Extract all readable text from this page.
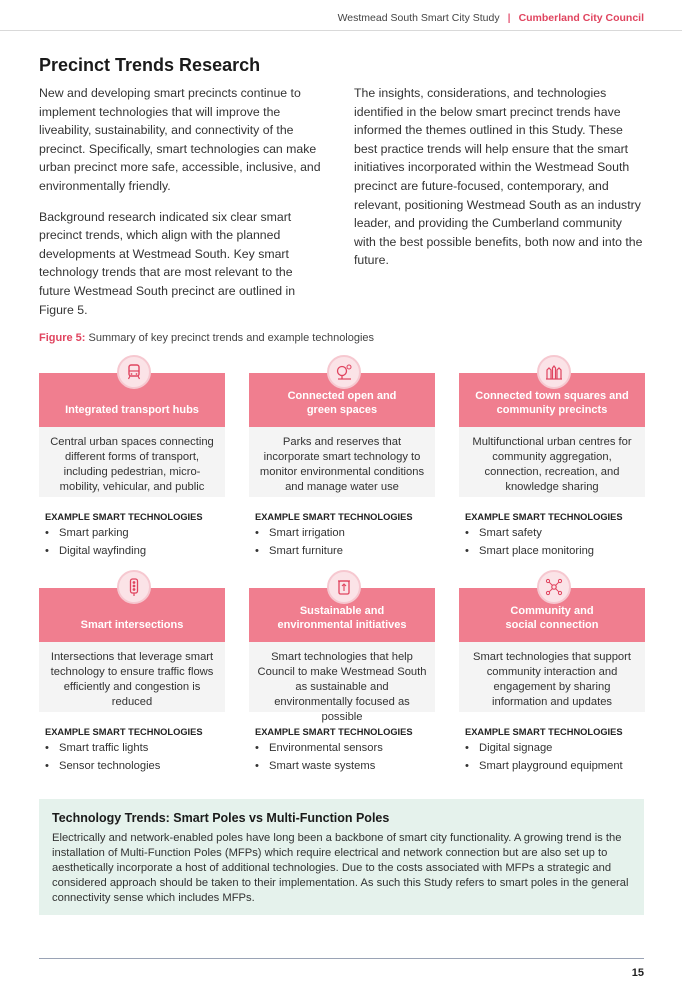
Westmead South Smart City Study | Cumberland City Council
Precinct Trends Research

New and developing smart precincts continue to implement technologies that will improve the liveability, sustainability, and connectivity of the precinct. Specifically, smart technologies can make urban precinct more safe, accessible, inclusive, and environmentally friendly.

Background research indicated six clear smart precinct trends, which align with the planned developments at Westmead South. Key smart technology trends that are most relevant to the future Westmead South precinct are outlined in Figure 5.

The insights, considerations, and technologies identified in the below smart precinct trends have informed the themes outlined in this Study. These best practice trends will help ensure that the smart initiatives incorporated within the Westmead South precinct are future-focused, contemporary, and relevant, positioning Westmead South as an industry leader, and providing the Cumberland community with the best possible benefits, both now and into the future.

Figure 5: Summary of key precinct trends and example technologies
Integrated transport hubs
Central urban spaces connecting different forms of transport, including pedestrian, micro-mobility, vehicular, and public
EXAMPLE SMART TECHNOLOGIES
• Smart parking
• Digital wayfinding
Connected open and
green spaces
Parks and reserves that incorporate smart technology to monitor environmental conditions and manage water use
EXAMPLE SMART TECHNOLOGIES
• Smart irrigation
• Smart furniture
Connected town squares and
community precincts
Multifunctional urban centres for community aggregation, connection, recreation, and knowledge sharing
EXAMPLE SMART TECHNOLOGIES
• Smart safety
• Smart place monitoring
Smart intersections
Intersections that leverage smart technology to ensure traffic flows efficiently and congestion is reduced
EXAMPLE SMART TECHNOLOGIES
• Smart traffic lights
• Sensor technologies
Sustainable and
environmental initiatives
Smart technologies that help Council to make Westmead South as sustainable and environmentally focused as possible
EXAMPLE SMART TECHNOLOGIES
• Environmental sensors
• Smart waste systems
Community and
social connection
Smart technologies that support community interaction and engagement by sharing information and updates
EXAMPLE SMART TECHNOLOGIES
• Digital signage
• Smart playground equipment
Technology Trends: Smart Poles vs Multi-Function Poles

Electrically and network-enabled poles have long been a backbone of smart city functionality. A growing trend is the installation of Multi-Function Poles (MFPs) which require electrical and network connection but are also set up to aesthetically incorporate a host of additional technologies. Due to the costs associated with MFPs a strategic and considered approach should be taken to their implementation. As such this Study refers to smart poles in the general connectivity sense which includes MFPs.

15
